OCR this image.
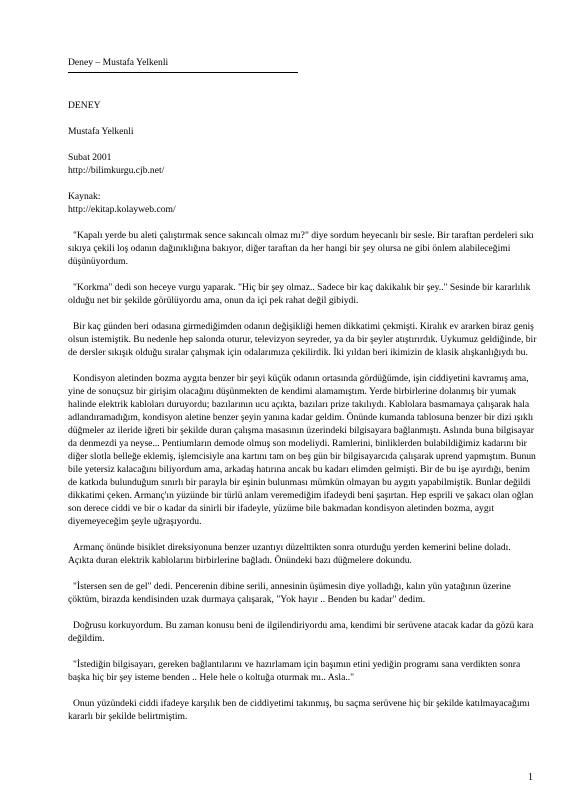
Deney – Mustafa Yelkenli

DENEY

Mustafa Yelkenli

Subat 2001

http://bilimkurgu.cjb.net/

Kaynak:

http://ekitap.kolayweb.com/

"Kapalı yerde bu aleti çalıştırmak sence sakıncalı olmaz mı?" diye sordum heyecanlı bir sesle. Bir taraftan perdeleri sıkı sıkıya çekili loş odanın dağınıklığına bakıyor, diğer taraftan da her hangi bir şey olursa ne gibi önlem alabileceğimi düşünüyordum.

"Korkma" dedi son heceye vurgu yaparak. "Hiç bir şey olmaz.. Sadece bir kaç dakikalık bir şey.." Sesinde bir kararlılık olduğu net bir şekilde görülüyordu ama, onun da içi pek rahat değil gibiydi.

Bir kaç günden beri odasına girmediğimden odanın değişikliği hemen dikkatimi çekmişti. Kiralık ev ararken biraz geniş olsun istemiştik. Bu nedenle hep salonda oturur, televizyon seyreder, ya da bir şeyler atıştırırdık. Uykumuz geldiğinde, bir de dersler sıkışık olduğu sıralar çalışmak için odalarımıza çekilirdik. İki yıldan beri ikimizin de klasik alışkanlığıydı bu.

Kondisyon aletinden bozma aygıta benzer bir şeyi küçük odanın ortasında gördüğümde, işin ciddiyetini kavramış ama, yine de sonuçsuz bir girişim olacağını düşünmekten de kendimi alamamıştım. Yerde birbirlerine dolanmış bir yumak halinde elektrik kabloları duruyordu; bazılarının ucu açıkta, bazıları prize takılıydı. Kablolara basmamaya çalışarak hala adlandıramadığım, kondisyon aletine benzer şeyin yanına kadar geldim. Önünde kumanda tablosuna benzer bir dizi ışıklı düğmeler az ileride iğreti bir şekilde duran çalışma masasının üzerindeki bilgisayara bağlanmıştı. Aslında buna bilgisayar da denmezdi ya neyse... Pentiumların demode olmuş son modeliydi. Ramlerini, binliklerden bulabildiğimiz kadarını bir diğer slotla belleğe eklemiş, işlemcisiyle ana kartını tam on beş gün bir bilgisayarcıda çalışarak uprend yapmıştım. Bunun bile yetersiz kalacağını biliyordum ama, arkadaş hatırına ancak bu kadarı elimden gelmişti. Bir de bu işe ayırdığı, benim de katkıda bulunduğum sınırlı bir parayla bir eşinin bulunması mümkün olmayan bu aygıtı yapabilmiştik. Bunlar değildi dikkatimi çeken. Armanç'ın yüzünde bir türlü anlam veremediğim ifadeydi beni şaşırtan. Hep esprili ve şakacı olan oğlan son derece ciddi ve bir o kadar da sinirli bir ifadeyle, yüzüme bile bakmadan kondisyon aletinden bozma, aygıt diyemeyeceğim şeyle uğraşıyordu.

Armanç önünde bisiklet direksiyonuna benzer uzantıyı düzelttikten sonra oturduğu yerden kemerini beline doladı. Açıkta duran elektrik kablolarını birbirlerine bağladı. Önündeki bazı düğmelere dokundu.

"İstersen sen de gel" dedi. Pencerenin dibine serili, annesinin üşümesin diye yolladığı, kalın yün yatağının üzerine çöktüm, birazda kendisinden uzak durmaya çalışarak, "Yok hayır .. Benden bu kadar" dedim.

Doğrusu korkuyordum. Bu zaman konusu beni de ilgilendiriyordu ama, kendimi bir serüvene atacak kadar da gözü kara değildim.

"İstediğin bilgisayarı, gereken bağlantılarını ve hazırlamam için başımın etini yediğin programı sana verdikten sonra başka hiç bir şey isteme benden .. Hele hele o koltuğa oturmak mı.. Asla.."

Onun yüzündeki ciddi ifadeye karşılık ben de ciddiyetimi takınmış, bu saçma serüvene hiç bir şekilde katılmayacağımı kararlı bir şekilde belirtmiştim.

1
